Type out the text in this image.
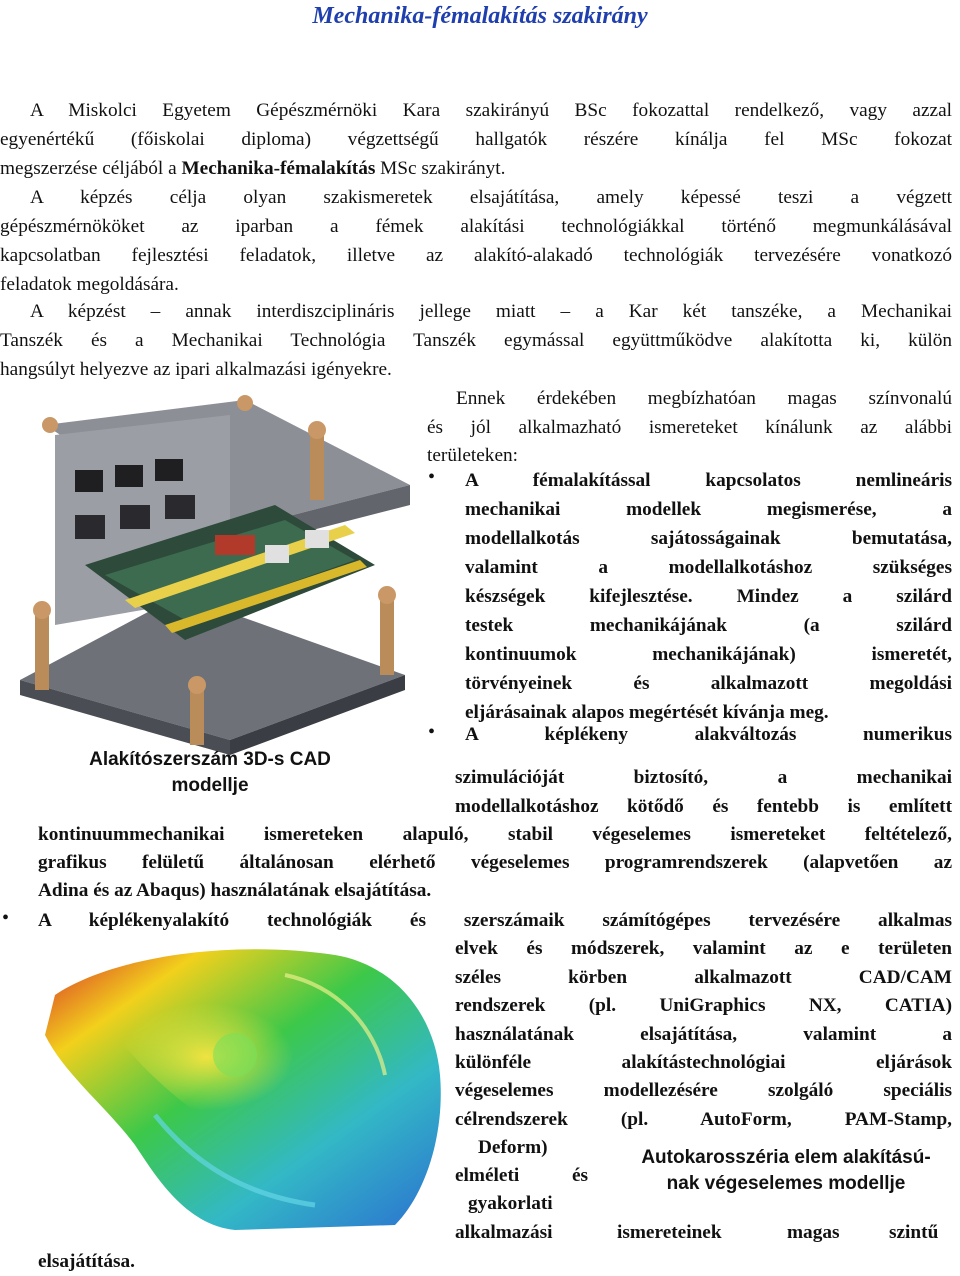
Mechanika-fémalakítás szakirány
A Miskolci Egyetem Gépészmérnöki Kara szakirányú BSc fokozattal rendelkező, vagy azzal
egyenértékű (főiskolai diploma) végzettségű hallgatók részére kínálja fel MSc fokozat
megszerzése céljából a Mechanika-fémalakítás MSc szakirányt.
A képzés célja olyan szakismeretek elsajátítása, amely képessé teszi a végzett
gépészmérnököket az iparban a fémek alakítási technológiákkal történő megmunkálásával
kapcsolatban fejlesztési feladatok, illetve az alakító-alakadó technológiák tervezésére vonatkozó
feladatok megoldására.
A képzést – annak interdiszciplináris jellege miatt – a Kar két tanszéke, a Mechanikai
Tanszék és a Mechanikai Technológia Tanszék egymással együttműködve alakította ki, külön
hangsúlyt helyezve az ipari alkalmazási igényekre.
Ennek érdekében megbízhatóan magas színvonalú
és jól alkalmazható ismereteket kínálunk az alábbi
területeken:
Alakítószerszám 3D-s CAD
modellje
• A fémalakítással kapcsolatos nemlineáris
mechanikai modellek megismerése, a
modellalkotás sajátosságainak bemutatása,
valamint a modellalkotáshoz szükséges
készségek kifejlesztése. Mindez a szilárd
testek mechanikájának (a szilárd
kontinuumok mechanikájának) ismeretét,
törvényeinek és alkalmazott megoldási
eljárásainak alapos megértését kívánja meg.
• A képlékeny alakváltozás numerikus
szimulációját biztosító, a mechanikai
modellalkotáshoz kötődő és fentebb is említett
kontinuummechanikai ismereteken alapuló, stabil végeselemes ismereteket feltételező,
grafikus felületű általánosan elérhető végeselemes programrendszerek (alapvetően az
Adina és az Abaqus) használatának elsajátítása.
• A képlékenyalakító technológiák és szerszámaik számítógépes tervezésére alkalmas
elvek és módszerek, valamint az e területen
széles körben alkalmazott CAD/CAM
rendszerek (pl. UniGraphics NX, CATIA)
használatának elsajátítása, valamint a
különféle alakítástechnológiai eljárások
végeselemes modellezésére szolgáló speciális
célrendszerek (pl. AutoForm, PAM-Stamp,
Deform)
elméleti és
gyakorlati
alkalmazási	ismereteinek	magas	szintű
elsajátítása.
Autokarosszéria elem alakítású-
nak végeselemes modellje
